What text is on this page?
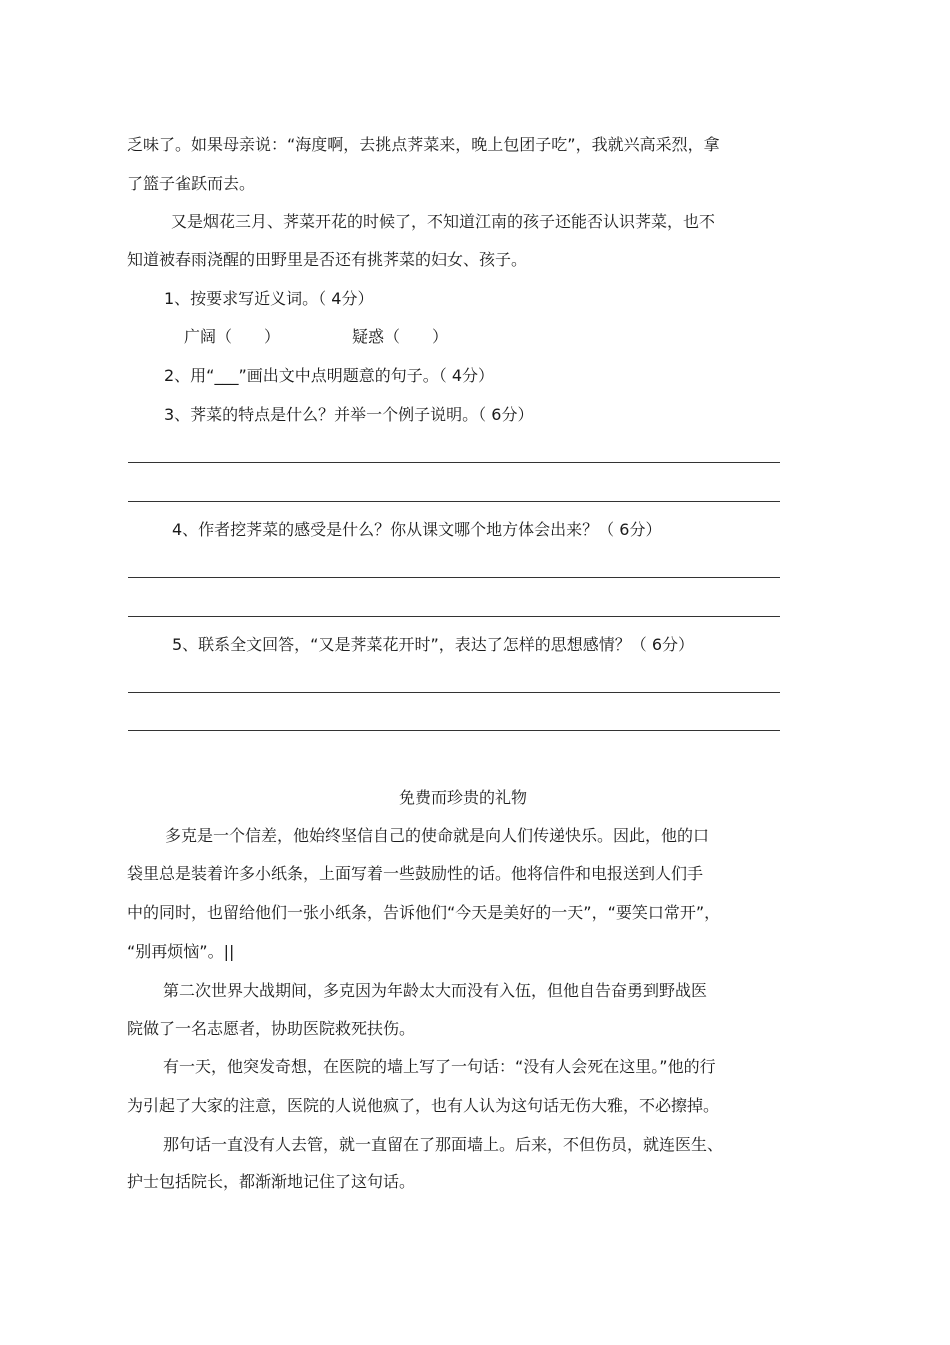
乏味了。如果母亲说：“海度啊，去挑点荠菜来，晚上包团子吃”，我就兴高采烈，拿
了篮子雀跃而去。
又是烟花三月、荠菜开花的时候了，不知道江南的孩子还能否认识荠菜，也不
知道被春雨浇醒的田野里是否还有挑荠菜的妇女、孩子。
1、按要求写近义词。（ 4分）
广阔（　　）	疑惑（　　）
2、用“___”画出文中点明题意的句子。（ 4分）
3、荠菜的特点是什么？并举一个例子说明。（ 6分）
4、作者挖荠菜的感受是什么？你从课文哪个地方体会出来？（ 6分）
5、联系全文回答，“又是荠菜花开时”，表达了怎样的思想感情？（ 6分）
免费而珍贵的礼物
多克是一个信差，他始终坚信自己的使命就是向人们传递快乐。因此，他的口
袋里总是装着许多小纸条，上面写着一些鼓励性的话。他将信件和电报送到人们手
中的同时，也留给他们一张小纸条，告诉他们“今天是美好的一天”，“要笑口常开”，
“别再烦恼”。||
第二次世界大战期间，多克因为年龄太大而没有入伍，但他自告奋勇到野战医
院做了一名志愿者，协助医院救死扶伤。
有一天，他突发奇想，在医院的墙上写了一句话：“没有人会死在这里。”他的行
为引起了大家的注意，医院的人说他疯了，也有人认为这句话无伤大雅，不必擦掉。
那句话一直没有人去管，就一直留在了那面墙上。后来，不但伤员，就连医生、
护士包括院长，都渐渐地记住了这句话。
